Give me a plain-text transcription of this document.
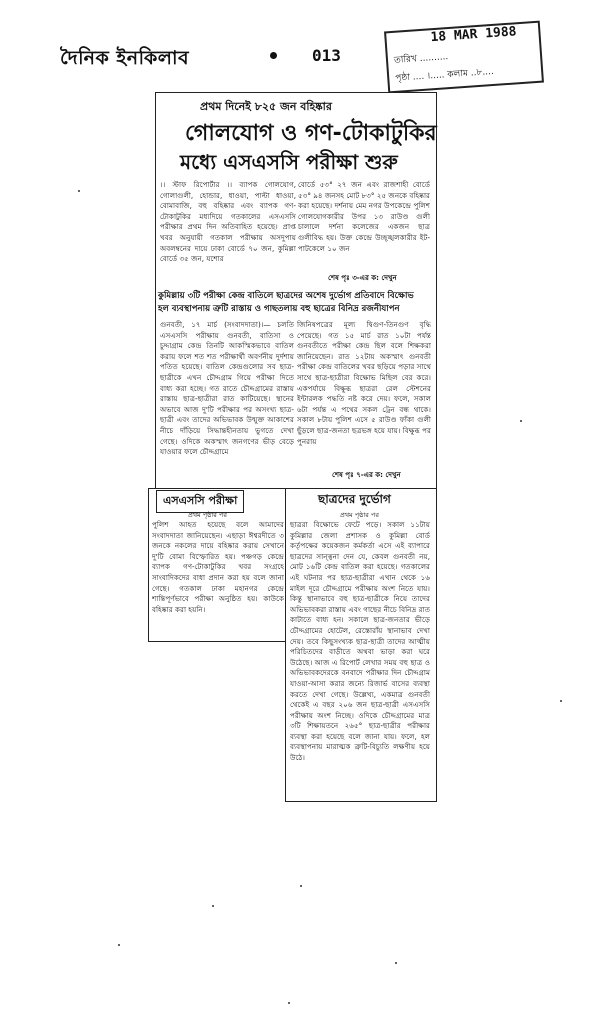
দৈনিক ইনকিলাব	013
18 MAR 1988
তারিখ ..........
পৃষ্ঠা .... ।..... কলাম ..৮....
প্রথম দিনেই ৮২৫ জন বহিষ্কার
গোলযোগ ও গণ-টোকাটুকির
মধ্যে এসএসসি পরীক্ষা শুরু

।। স্টাফ রিপোর্টার ।। ব্যাপক গোলযোগ, গোলাগুলী, হোন্ডার, ধাওয়া, পাল্টা ধাওয়া, বোমাবাজি, বহু বহিষ্কার এবং ব্যাপক গণ-টোকাটুকির মধ্যদিয়ে গতকালের এসএসসি পরীক্ষার প্রথম দিন অতিবাহিত হয়েছে। প্রাপ্ত খবর অনুযায়ী গতকাল পরীক্ষায় অসদুপায় অবলম্বনের দায়ে ঢাকা বোর্ডে ৭০ জন, কুমিল্লা বোর্ডে ৩৫ জন, যশোর

বোর্ডে ৫৩° ২৭ জন এবং রাজশাহী বোর্ডে ৫৩° ৯৪ জনসহ মোট ৮৩° ২৫ জনকে বহিষ্কার করা হয়েছে। দর্শনায় মেম নগর উপকেন্দ্রে পুলিশ গোলযোগকারীর উপর ১৩ রাউণ্ড গুলী চালালে দর্শনা কলেজের একজন ছাত্র গুলীবিদ্ধ হয়। উক্ত কেন্দ্রে উচ্ছৃঙ্খলকারীর ইট-পাটকেলে ১০ জন

শেষ পৃঃ ৩-এর ক: দেখুন
কুমিল্লায় ৩টি পরীক্ষা কেন্দ্র বাতিলে ছাত্রদের অশেষ দুর্ভোগ প্রতিবাদে বিক্ষোভ
হল ব্যবস্থাপনায় ত্রুটি রাস্তায় ও গাছতলায় বহু ছাত্রের বিনিদ্র রজনীযাপন

গুনবতী, ১৭ মার্চ (সংবাদদাতা)।— চলতি এসএসসি পরীক্ষায় গুনবতী, বাতিসা ও চুদ্দাগ্রাম কেন্দ্র তিনটি আকস্মিকভাবে বাতিল করায় ফলে শত শত পরীক্ষার্থী অবর্ণনীয় দুর্দশায় পতিত হয়েছে। বাতিল কেন্দ্রগুলোর সব ছাত্র-ছাত্রীকে এখন চৌদ্দগ্রাম গিয়ে পরীক্ষা দিতে বাধ্য করা হচ্ছে। গত রাতে চৌদ্দগ্রামের রাস্তায় রাস্তায় ছাত্র-ছাত্রীরা রাত কাটিয়েছে। স্থানের অভাবে আজ দু'টি পরীক্ষার পর অসংখ্য ছাত্র-ছাত্রী এবং তাদের অভিভাবক উন্মুক্ত আকাশের নীচে দাঁড়িয়ে সিদ্ধান্তহীনতায় ভুগতে দেখা গেছে। ওদিকে অকস্মাৎ জনগণের ভীড় বেড়ে যাওয়ার ফলে চৌদ্দগ্রামে

জিনিষপত্রের মূল্য দ্বিগুণ-তিনগুণ বৃদ্ধি পেয়েছে। গত ১৫ মার্চ রাত ১০টা পর্যন্ত গুনবতীতে পরীক্ষা কেন্দ্র ছিল বলে শিক্ষকরা জানিয়েছেন। রাত ১২টায় অকস্মাৎ গুনবতী পরীক্ষা কেন্দ্র বাতিলের খবর ছড়িয়ে পড়ার সাথে সাথে ছাত্র-ছাত্রীরা বিক্ষোভ মিছিল বের করে। একপর্যায়ে বিক্ষুব্ধ ছাত্ররা রেল স্টেশনের ইন্টারলক পদ্ধতি নষ্ট করে দেয়। ফলে, সকাল ৬টা পর্যন্ত এ পথের সকল ট্রেন বন্ধ থাকে। সকাল ৮টায় পুলিশ এসে ৫ রাউণ্ড ফাঁকা গুলী ছুঁড়লে ছাত্র-জনতা ছত্রভঙ্গ হয়ে যায়। বিক্ষুব্ধ পর পুনরায়

শেষ পৃঃ ৭-এর ক: দেখুন
এসএসসি পরীক্ষা
প্রথম পৃষ্ঠার পর

পুলিশ আহত হয়েছে বলে আমাদের সংবাদদাতা জানিয়েছেন। এছাড়া ঈশ্বরদীতে ৩ জনকে নকলের দায়ে বহিষ্কার করায় সেখানে দু'টি বোমা বিস্ফোরিত হয়। পঞ্চগড় কেন্দ্রে ব্যাপক গণ-টোকাটুকির খবর সংগ্রহে সাংবাদিকদের বাধা প্রদান করা হয় বলে জানা গেছে। গতকাল ঢাকা মহানগর কেন্দ্রে শান্তিপূর্ণভাবে পরীক্ষা অনুষ্ঠিত হয়। কাউকে বহিষ্কার করা হয়নি।

ছাত্রদের দুর্ভোগ
প্রথম পৃষ্ঠার পর

ছাত্ররা বিক্ষোভে ফেটে পড়ে। সকাল ১১টায় কুমিল্লার জেলা প্রশাসক ও কুমিল্লা বোর্ড কর্তৃপক্ষের কয়েকজন কর্মকর্তা এসে এই ব্যাপারে ছাত্রদের সান্ত্বনা দেন যে, কেবল গুনবতী নয়, মোট ১৬টি কেন্দ্র বাতিল করা হয়েছে। গতকালের এই ঘটনার পর ছাত্র-ছাত্রীরা এখান থেকে ১৬ মাইল দূরে চৌদ্দগ্রামে পরীক্ষায় অংশ নিতে যায়। কিন্তু স্থানাভাবে বহু ছাত্র-ছাত্রীকে নিয়ে তাদের অভিভাবকরা রাস্তায় এবং গাছের নীচে বিনিদ্র রাত কাটাতে বাধ্য হন। সকালে ছাত্র-জনতার ভীড়ে চৌদ্দগ্রামের হোটেল, রেস্তোরাঁয় স্থানাভাব দেখা দেয়। তবে কিছুসংখ্যক ছাত্র-ছাত্রী তাদের আত্মীয় পরিচিতদের বাড়ীতে অথবা ভাড়া করা ঘরে উঠেছে। আজ এ রিপোর্ট লেখার সময় বহু ছাত্র ও অভিভাবকদেরকে বনবাদে পরীক্ষার দিন চৌদ্দগ্রাম যাওয়া-আসা করার জন্যে রিজার্ভ বাসের ব্যবস্থা করতে দেখা গেছে। উল্লেখ্য, একমাত্র গুনবতী থেকেই এ বছর ২০৬ জন ছাত্র-ছাত্রী এসএসসি পরীক্ষায় অংশ নিচ্ছে। ওদিকে চৌদ্দগ্রামের মাত্র ৩টি শিক্ষায়তনে ২৬৫° ছাত্র-ছাত্রীর পরীক্ষার ব্যবস্থা করা হয়েছে বলে জানা যায়। ফলে, হল ব্যবস্থাপনায় মারাত্মক ত্রুটি-বিচ্যুতি লক্ষণীয় হয়ে উঠে।
